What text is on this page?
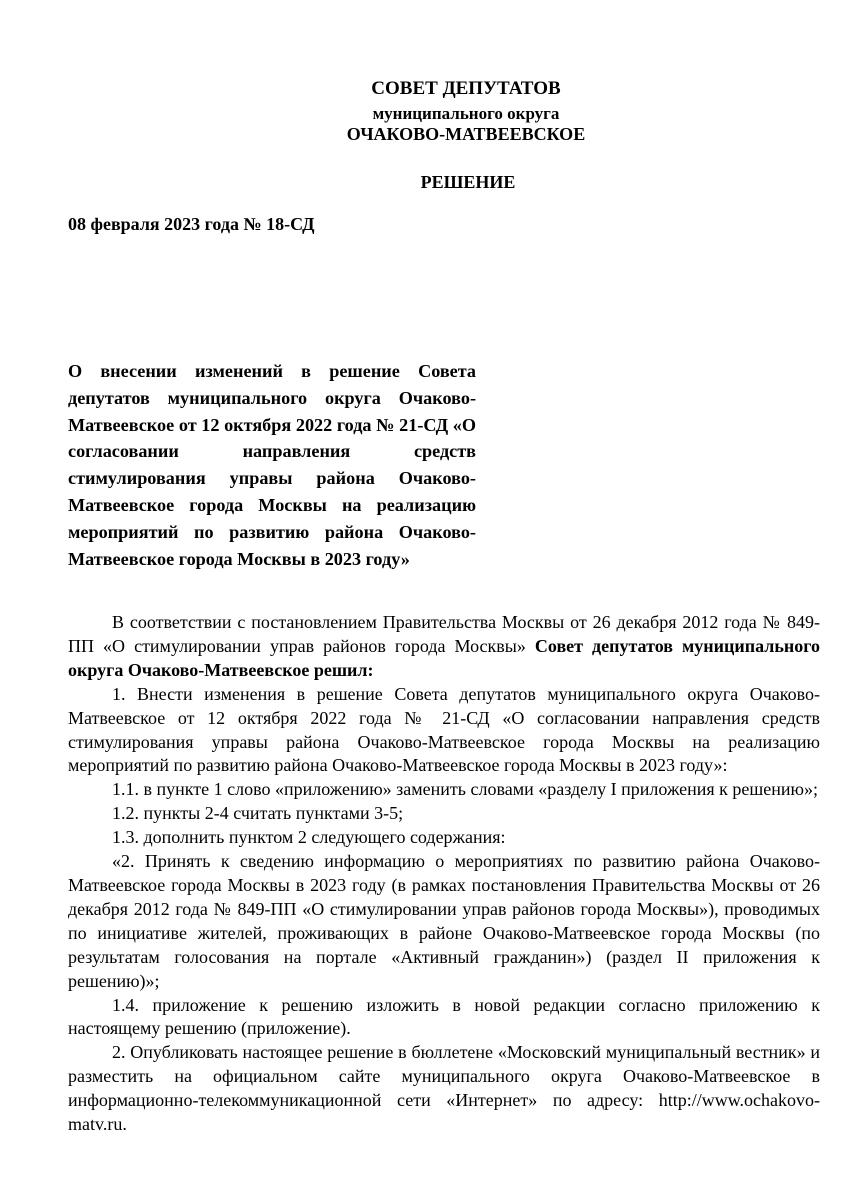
СОВЕТ ДЕПУТАТОВ
муниципального округа
ОЧАКОВО-МАТВЕЕВСКОЕ
РЕШЕНИЕ
08 февраля 2023 года № 18-СД
О внесении изменений в решение Совета депутатов муниципального округа Очаково-Матвеевское от 12 октября 2022 года № 21-СД «О согласовании направления средств стимулирования управы района Очаково-Матвеевское города Москвы на реализацию мероприятий по развитию района Очаково-Матвеевское города Москвы в 2023 году»

В соответствии с постановлением Правительства Москвы от 26 декабря 2012 года № 849-ПП «О стимулировании управ районов города Москвы» Совет депутатов муниципального округа Очаково-Матвеевское решил:

1. Внести изменения в решение Совета депутатов муниципального округа Очаково-Матвеевское от 12 октября 2022 года № 21-СД «О согласовании направления средств стимулирования управы района Очаково-Матвеевское города Москвы на реализацию мероприятий по развитию района Очаково-Матвеевское города Москвы в 2023 году»:

1.1. в пункте 1 слово «приложению» заменить словами «разделу I приложения к решению»;

1.2. пункты 2-4 считать пунктами 3-5;

1.3. дополнить пунктом 2 следующего содержания:

«2. Принять к сведению информацию о мероприятиях по развитию района Очаково-Матвеевское города Москвы в 2023 году (в рамках постановления Правительства Москвы от 26 декабря 2012 года № 849-ПП «О стимулировании управ районов города Москвы»), проводимых по инициативе жителей, проживающих в районе Очаково-Матвеевское города Москвы (по результатам голосования на портале «Активный гражданин») (раздел II приложения к решению)»;

1.4. приложение к решению изложить в новой редакции согласно приложению к настоящему решению (приложение).

2. Опубликовать настоящее решение в бюллетене «Московский муниципальный вестник» и разместить на официальном сайте муниципального округа Очаково-Матвеевское в информационно-телекоммуникационной сети «Интернет» по адресу: http://www.ochakovo-matv.ru.
